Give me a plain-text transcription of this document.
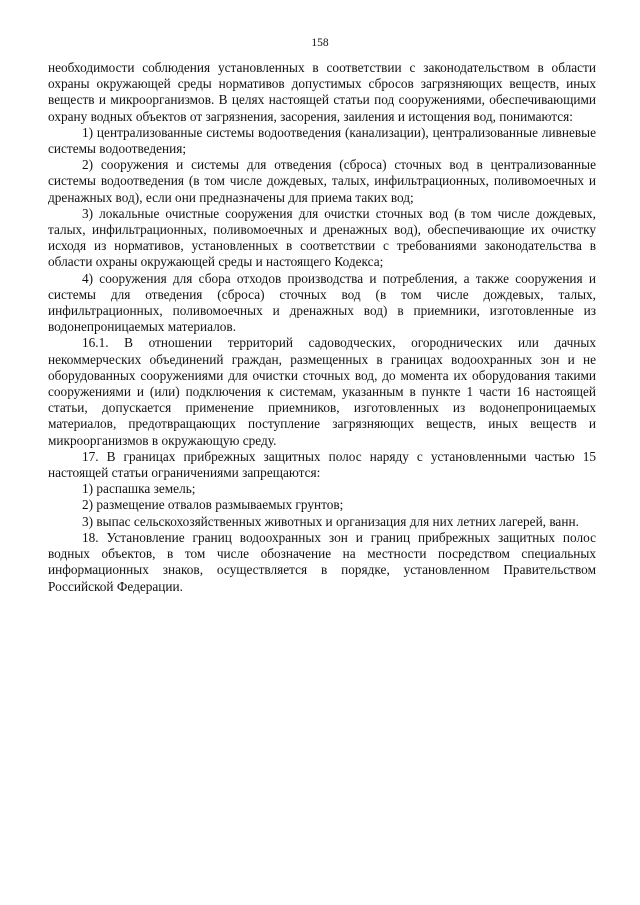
158

необходимости соблюдения установленных в соответствии с законодательством в области охраны окружающей среды нормативов допустимых сбросов загрязняющих веществ, иных веществ и микроорганизмов. В целях настоящей статьи под сооружениями, обеспечивающими охрану водных объектов от загрязнения, засорения, заиления и истощения вод, понимаются:

1) централизованные системы водоотведения (канализации), централизованные ливневые системы водоотведения;

2) сооружения и системы для отведения (сброса) сточных вод в централизованные системы водоотведения (в том числе дождевых, талых, инфильтрационных, поливомоечных и дренажных вод), если они предназначены для приема таких вод;

3) локальные очистные сооружения для очистки сточных вод (в том числе дождевых, талых, инфильтрационных, поливомоечных и дренажных вод), обеспечивающие их очистку исходя из нормативов, установленных в соответствии с требованиями законодательства в области охраны окружающей среды и настоящего Кодекса;

4) сооружения для сбора отходов производства и потребления, а также сооружения и системы для отведения (сброса) сточных вод (в том числе дождевых, талых, инфильтрационных, поливомоечных и дренажных вод) в приемники, изготовленные из водонепроницаемых материалов.

16.1. В отношении территорий садоводческих, огороднических или дачных некоммерческих объединений граждан, размещенных в границах водоохранных зон и не оборудованных сооружениями для очистки сточных вод, до момента их оборудования такими сооружениями и (или) подключения к системам, указанным в пункте 1 части 16 настоящей статьи, допускается применение приемников, изготовленных из водонепроницаемых материалов, предотвращающих поступление загрязняющих веществ, иных веществ и микроорганизмов в окружающую среду.

17. В границах прибрежных защитных полос наряду с установленными частью 15 настоящей статьи ограничениями запрещаются:

1) распашка земель;

2) размещение отвалов размываемых грунтов;

3) выпас сельскохозяйственных животных и организация для них летних лагерей, ванн.

18. Установление границ водоохранных зон и границ прибрежных защитных полос водных объектов, в том числе обозначение на местности посредством специальных информационных знаков, осуществляется в порядке, установленном Правительством Российской Федерации.
